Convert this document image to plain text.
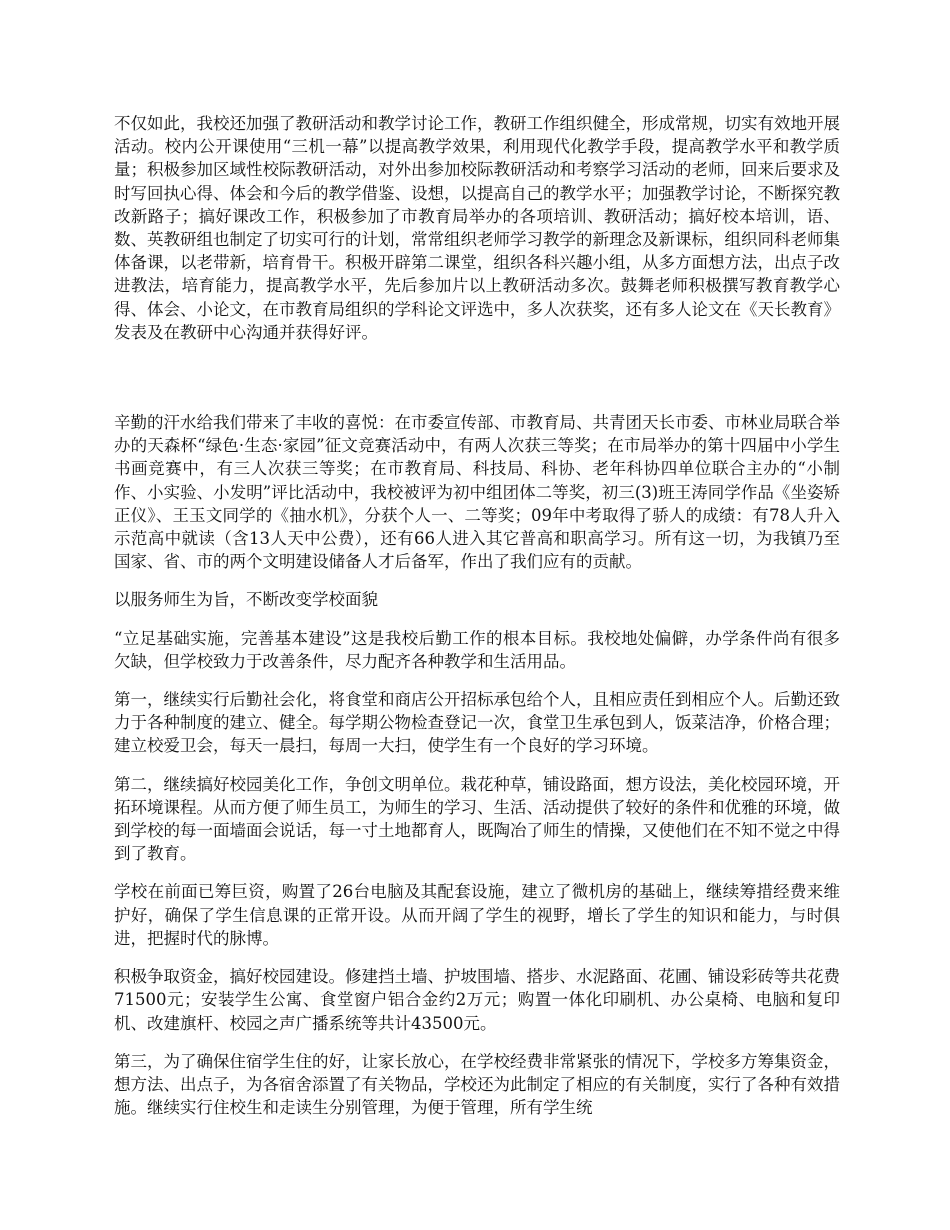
不仅如此，我校还加强了教研活动和教学讨论工作，教研工作组织健全，形成常规，切实有效地开展活动。校内公开课使用“三机一幕”以提高教学效果，利用现代化教学手段，提高教学水平和教学质量；积极参加区域性校际教研活动，对外出参加校际教研活动和考察学习活动的老师，回来后要求及时写回执心得、体会和今后的教学借鉴、设想，以提高自己的教学水平；加强教学讨论，不断探究教改新路子；搞好课改工作，积极参加了市教育局举办的各项培训、教研活动；搞好校本培训，语、数、英教研组也制定了切实可行的计划，常常组织老师学习教学的新理念及新课标，组织同科老师集体备课，以老带新，培育骨干。积极开辟第二课堂，组织各科兴趣小组，从多方面想方法，出点子改进教法，培育能力，提高教学水平，先后参加片以上教研活动多次。鼓舞老师积极撰写教育教学心得、体会、小论文，在市教育局组织的学科论文评选中，多人次获奖，还有多人论文在《天长教育》发表及在教研中心沟通并获得好评。

辛勤的汗水给我们带来了丰收的喜悦：在市委宣传部、市教育局、共青团天长市委、市林业局联合举办的天森杯“绿色·生态·家园”征文竞赛活动中，有两人次获三等奖；在市局举办的第十四届中小学生书画竞赛中，有三人次获三等奖；在市教育局、科技局、科协、老年科协四单位联合主办的“小制作、小实验、小发明”评比活动中，我校被评为初中组团体二等奖，初三(3)班王涛同学作品《坐姿矫正仪》、王玉文同学的《抽水机》，分获个人一、二等奖；09年中考取得了骄人的成绩：有78人升入示范高中就读（含13人天中公费），还有66人进入其它普高和职高学习。所有这一切，为我镇乃至国家、省、市的两个文明建设储备人才后备军，作出了我们应有的贡献。

以服务师生为旨，不断改变学校面貌

“立足基础实施，完善基本建设”这是我校后勤工作的根本目标。我校地处偏僻，办学条件尚有很多欠缺，但学校致力于改善条件，尽力配齐各种教学和生活用品。

第一，继续实行后勤社会化，将食堂和商店公开招标承包给个人，且相应责任到相应个人。后勤还致力于各种制度的建立、健全。每学期公物检查登记一次，食堂卫生承包到人，饭菜洁净，价格合理；建立校爱卫会，每天一晨扫，每周一大扫，使学生有一个良好的学习环境。

第二，继续搞好校园美化工作，争创文明单位。栽花种草，铺设路面，想方设法，美化校园环境，开拓环境课程。从而方便了师生员工，为师生的学习、生活、活动提供了较好的条件和优雅的环境，做到学校的每一面墙面会说话，每一寸土地都育人，既陶冶了师生的情操，又使他们在不知不觉之中得到了教育。

学校在前面已筹巨资，购置了26台电脑及其配套设施，建立了微机房的基础上，继续筹措经费来维护好，确保了学生信息课的正常开设。从而开阔了学生的视野，增长了学生的知识和能力，与时俱进，把握时代的脉博。

积极争取资金，搞好校园建设。修建挡土墙、护坡围墙、搭步、水泥路面、花圃、铺设彩砖等共花费71500元；安装学生公寓、食堂窗户铝合金约2万元；购置一体化印刷机、办公桌椅、电脑和复印机、改建旗杆、校园之声广播系统等共计43500元。

第三，为了确保住宿学生住的好，让家长放心，在学校经费非常紧张的情况下，学校多方筹集资金，想方法、出点子，为各宿舍添置了有关物品，学校还为此制定了相应的有关制度，实行了各种有效措施。继续实行住校生和走读生分别管理，为便于管理，所有学生统
